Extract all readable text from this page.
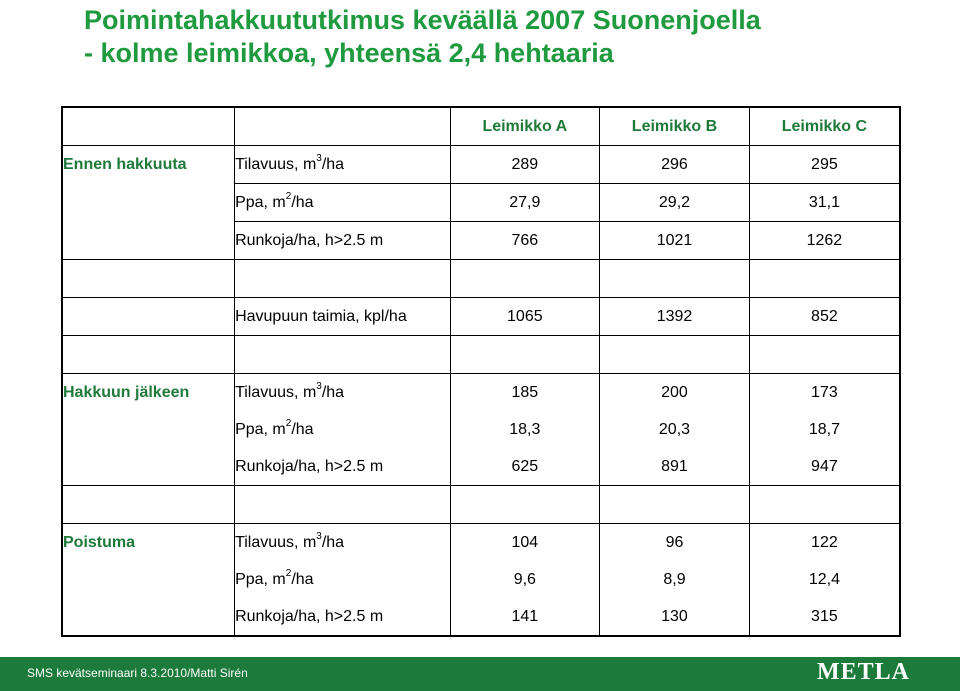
Poimintahakkuututkimus keväällä 2007 Suonenjoella
- kolme leimikkoa, yhteensä 2,4 hehtaaria
		Leimikko A	Leimikko B	Leimikko C
Ennen hakkuuta	Tilavuus, $m^3/ha$	289	296	295
	Ppa, $m^2/ha$	27,9	29,2	31,1
	Runkoja/ha, h>2.5 m	766	1021	1262

	Havupuun taimia, kpl/ha	1065	1392	852

Hakkuun jälkeen	Tilavuus, $m^3/ha$	185	200	173
	Ppa, $m^2/ha$	18,3	20,3	18,7
	Runkoja/ha, h>2.5 m	625	891	947

Poistuma	Tilavuus, $m^3/ha$	104	96	122
	Ppa, $m^2/ha$	9,6	8,9	12,4
	Runkoja/ha, h>2.5 m	141	130	315
SMS kevätseminaari 8.3.2010/Matti Sirén	METLA
